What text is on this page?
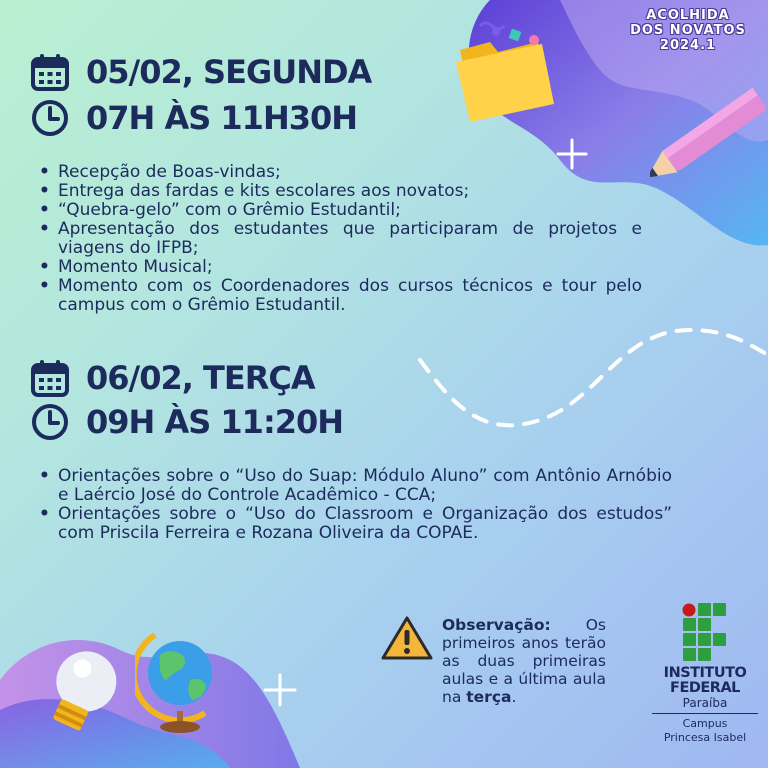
ACOLHIDA
DOS NOVATOS
2024.1
05/02, SEGUNDA
07H ÀS 11H30H
• Recepção de Boas-vindas;
• Entrega das fardas e kits escolares aos novatos;
• “Quebra-gelo” com o Grêmio Estudantil;
• Apresentação dos estudantes que participaram de projetos e viagens do IFPB;
• Momento Musical;
• Momento com os Coordenadores dos cursos técnicos e tour pelo campus com o Grêmio Estudantil.
06/02, TERÇA
09H ÀS 11:20H
• Orientações sobre o “Uso do Suap: Módulo Aluno” com Antônio Arnóbio e Laércio José do Controle Acadêmico - CCA;
• Orientações sobre o “Uso do Classroom e Organização dos estudos” com Priscila Ferreira e Rozana Oliveira da COPAE.
Observação: Os primeiros anos terão as duas primeiras aulas e a última aula na terça.
INSTITUTO
FEDERAL
Paraíba
Campus
Princesa Isabel
